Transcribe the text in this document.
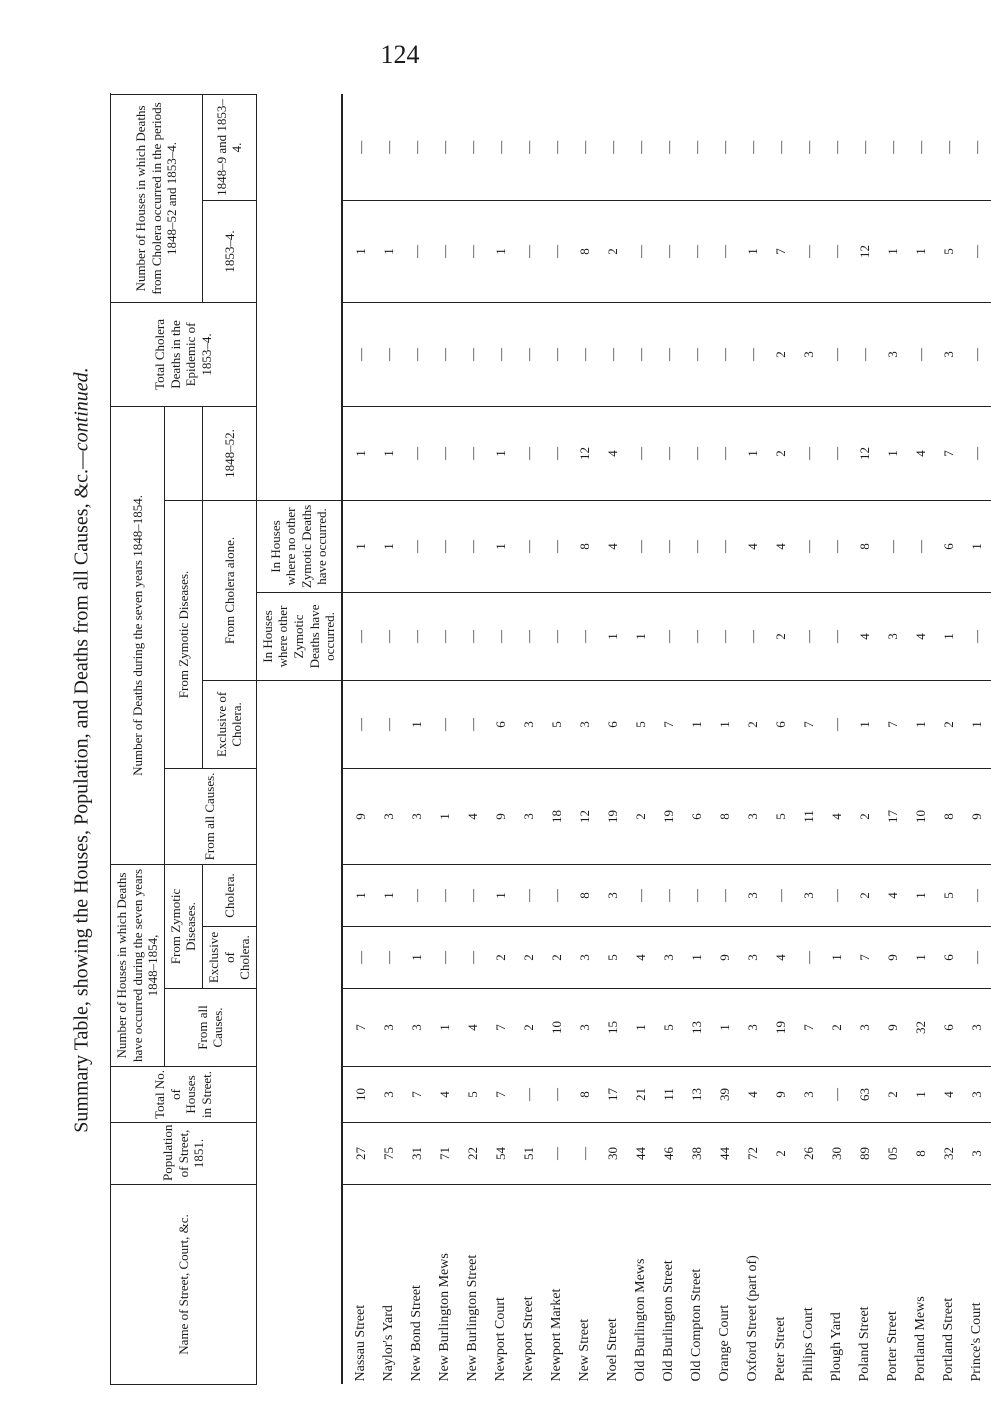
124
Summary Table, showing the Houses, Population, and Deaths from all Causes, &c.—continued.
Name of Street, Court, &c.	Population of Street, 1851.	Total No. of Houses in Street.	Number of Houses in which Deaths have occurred during the seven years 1848–1854,			Number of Deaths during the seven years 1848–1854.					Total Cholera Deaths in the Epidemic of 1853–4.	Number of Houses in which Deaths from Cholera occurred in the periods 1848–52 and 1853–4.	
			From all Causes.	From Zymotic Diseases.		From all Causes.	From Zymotic Diseases.						
				Exclusive of Cholera.	Cholera.		Exclusive of Cholera.	From Cholera alone.		1848–52.		1853–4.	1848–9 and 1853–4.
								In Houses where other Zymotic Deaths have occurred.	In Houses where no other Zymotic Deaths have occurred.				
Nassau Street	27	10	7	—	1	9	—	—	1	1	—	1	—
Naylor's Yard	75	3	3	—	1	3	—	—	1	1	—	1	—
New Bond Street	31	7	3	1	—	3	1	—	—	—	—	—	—
New Burlington Mews	71	4	1	—	—	1	—	—	—	—	—	—	—
New Burlington Street	22	5	4	—	—	4	—	—	—	—	—	—	—
Newport Court	54	7	7	2	1	9	6	—	1	1	—	1	—
Newport Street	51	—	2	2	—	3	3	—	—	—	—	—	—
Newport Market	—	—	10	2	—	18	5	—	—	—	—	—	—
New Street	—	8	3	3	8	12	3	—	8	12	—	8	—
Noel Street	30	17	15	5	3	19	6	1	4	4	—	2	—
Old Burlington Mews	44	21	1	4	—	2	5	1	—	—	—	—	—
Old Burlington Street	46	11	5	3	—	19	7	—	—	—	—	—	—
Old Compton Street	38	13	13	1	—	6	1	—	—	—	—	—	—
Orange Court	44	39	1	9	—	8	1	—	—	—	—	—	—
Oxford Street (part of)	72	4	3	3	3	3	2	—	4	1	—	1	—
Peter Street	2	9	19	4	—	5	6	2	4	2	2	7	—
Philips Court	26	3	7	—	3	11	7	—	—	—	3	—	—
Plough Yard	30	—	2	1	—	4	—	—	—	—	—	—	—
Poland Street	89	63	3	7	2	2	1	4	8	12	—	12	—
Porter Street	05	2	9	9	4	17	7	3	—	1	3	1	—
Portland Mews	8	1	32	1	1	10	1	4	—	4	—	1	—
Portland Street	32	4	6	6	5	8	2	1	6	7	3	5	—
Prince's Court	3	3	3	—	—	9	1	—	1	—	—	—	—
